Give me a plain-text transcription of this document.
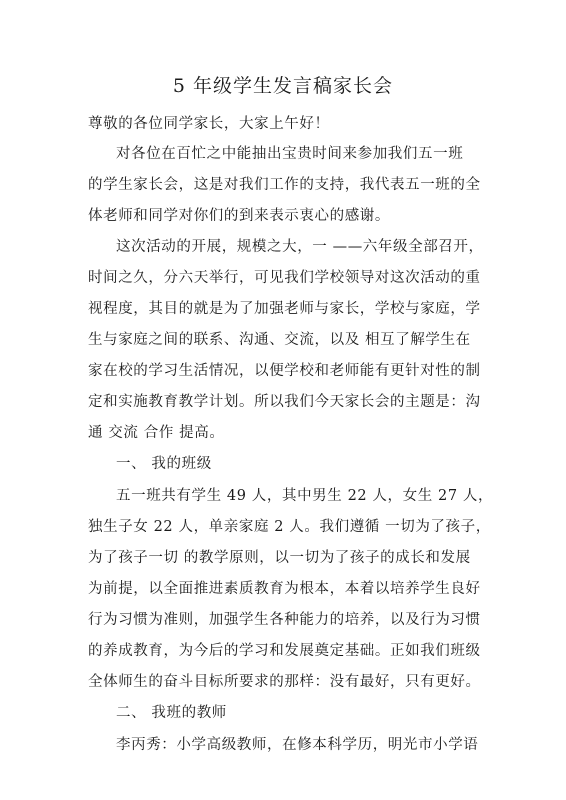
5 年级学生发言稿家长会
尊敬的各位同学家长，大家上午好！
对各位在百忙之中能抽出宝贵时间来参加我们五一班
的学生家长会，这是对我们工作的支持，我代表五一班的全
体老师和同学对你们的到来表示衷心的感谢。
这次活动的开展，规模之大，一 ——六年级全部召开，
时间之久，分六天举行，可见我们学校领导对这次活动的重
视程度，其目的就是为了加强老师与家长，学校与家庭，学
生与家庭之间的联系、沟通、交流，以及 相互了解学生在
家在校的学习生活情况，以便学校和老师能有更针对性的制
定和实施教育教学计划。所以我们今天家长会的主题是：沟
通 交流 合作 提高。
一、 我的班级
五一班共有学生 49 人，其中男生 22 人，女生 27 人，
独生子女 22 人，单亲家庭 2 人。我们遵循 一切为了孩子，
为了孩子一切 的教学原则，以一切为了孩子的成长和发展
为前提，以全面推进素质教育为根本，本着以培养学生良好
行为习惯为准则，加强学生各种能力的培养，以及行为习惯
的养成教育，为今后的学习和发展奠定基础。正如我们班级
全体师生的奋斗目标所要求的那样：没有最好，只有更好。
二、 我班的教师
李丙秀：小学高级教师，在修本科学历，明光市小学语
